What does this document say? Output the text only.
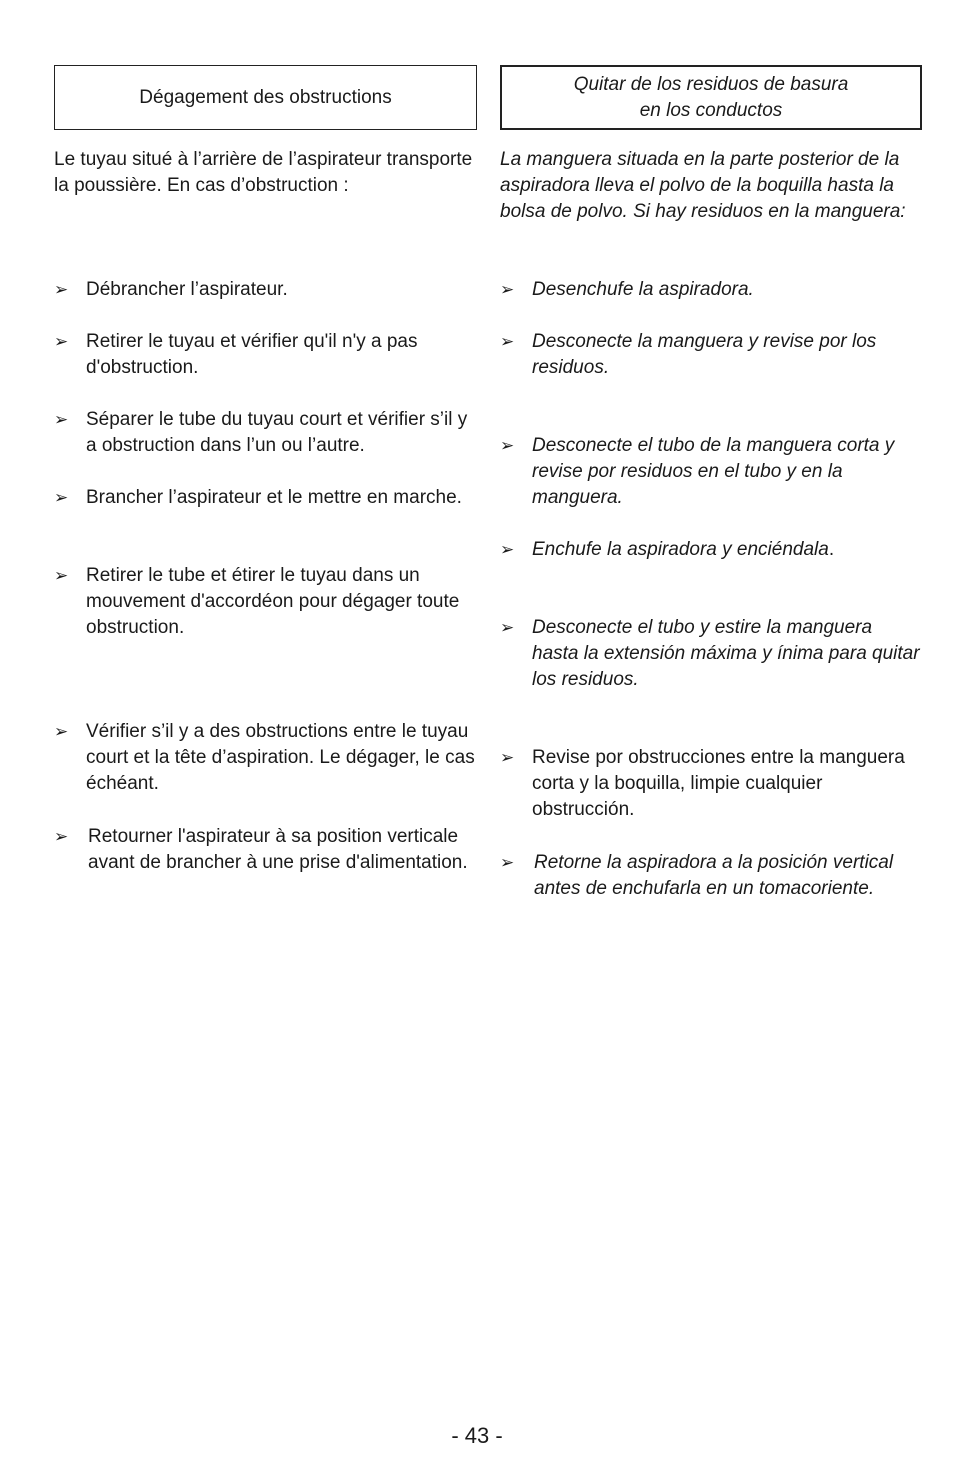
Dégagement des obstructions

Le tuyau situé à l’arrière de l’aspirateur transporte la poussière. En cas d’obstruction :

➢ Débrancher l’aspirateur.
➢ Retirer le tuyau et vérifier qu'il n'y a pas d'obstruction.
➢ Séparer le tube du tuyau court et vérifier s’il y a obstruction dans l’un ou l’autre.
➢ Brancher l’aspirateur et le mettre en marche.
➢ Retirer le tube et étirer le tuyau dans un mouvement d'accordéon pour dégager toute obstruction.
➢ Vérifier s’il y a des obstructions entre le tuyau court et la tête d’aspiration. Le dégager, le cas échéant.
➢ Retourner l'aspirateur à sa position verticale avant de brancher à une prise d'alimentation.
Quitar de los residuos de basura
en los conductos

La manguera situada en la parte posterior de la aspiradora lleva el polvo de la boquilla hasta la bolsa de polvo. Si hay residuos en la manguera:

➢ Desenchufe la aspiradora.
➢ Desconecte la manguera y revise por los residuos.
➢ Desconecte el tubo de la manguera corta y revise por residuos en el tubo y en la manguera.
➢ Enchufe la aspiradora y enciéndala.
➢ Desconecte el tubo y estire la manguera hasta la extensión máxima y ínima para quitar los residuos.
➢ Revise por obstrucciones entre la manguera corta y la boquilla, limpie cualquier obstrucción.
➢ Retorne la aspiradora a la posición vertical antes de enchufarla en un tomacoriente.
- 43 -
